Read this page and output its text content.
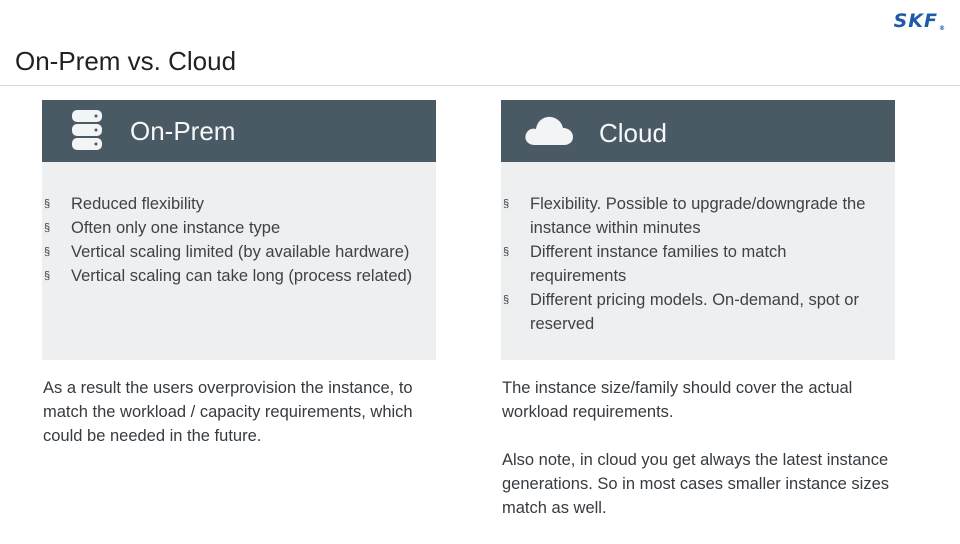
SKF®
On-Prem vs. Cloud
On-Prem
§ Reduced flexibility
§ Often only one instance type
§ Vertical scaling limited (by available hardware)
§ Vertical scaling can take long (process related)

As a result the users overprovision the instance, to match the workload / capacity requirements, which could be needed in the future.

Cloud
§ Flexibility. Possible to upgrade/downgrade the instance within minutes
§ Different instance families to match requirements
§ Different pricing models. On-demand, spot or reserved

The instance size/family should cover the actual workload requirements.

Also note, in cloud you get always the latest instance generations. So in most cases smaller instance sizes match as well.
